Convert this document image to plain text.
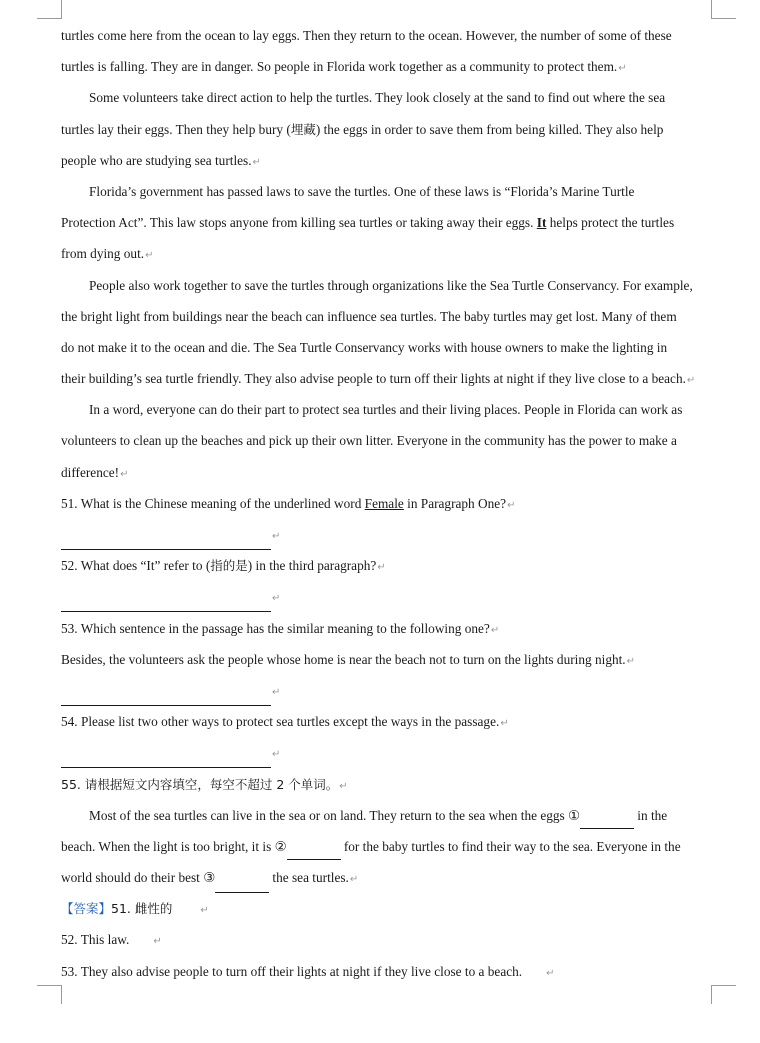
turtles come here from the ocean to lay eggs. Then they return to the ocean. However, the number of some of these
turtles is falling. They are in danger. So people in Florida work together as a community to protect them.↵
Some volunteers take direct action to help the turtles. They look closely at the sand to find out where the sea
turtles lay their eggs. Then they help bury (埋藏) the eggs in order to save them from being killed. They also help
people who are studying sea turtles.↵
Florida’s government has passed laws to save the turtles. One of these laws is “Florida’s Marine Turtle
Protection Act”. This law stops anyone from killing sea turtles or taking away their eggs. It helps protect the turtles
from dying out.↵
People also work together to save the turtles through organizations like the Sea Turtle Conservancy. For example,
the bright light from buildings near the beach can influence sea turtles. The baby turtles may get lost. Many of them
do not make it to the ocean and die. The Sea Turtle Conservancy works with house owners to make the lighting in
their building’s sea turtle friendly. They also advise people to turn off their lights at night if they live close to a beach.↵
In a word, everyone can do their part to protect sea turtles and their living places. People in Florida can work as
volunteers to clean up the beaches and pick up their own litter. Everyone in the community has the power to make a
difference!↵
51. What is the Chinese meaning of the underlined word Female in Paragraph One?↵
↵
52. What does “It” refer to (指的是) in the third paragraph?↵
↵
53. Which sentence in the passage has the similar meaning to the following one?↵
Besides, the volunteers ask the people whose home is near the beach not to turn on the lights during night.↵
↵
54. Please list two other ways to protect sea turtles except the ways in the passage.↵
↵
55. 请根据短文内容填空，每空不超过 2 个单词。↵
Most of the sea turtles can live in the sea or on land. They return to the sea when the eggs ①	in the
beach. When the light is too bright, it is ②	for the baby turtles to find their way to the sea. Everyone in the
world should do their best ③	the sea turtles.↵
【答案】51. 雌性的	↵
52. This law. ↵
53. They also advise people to turn off their lights at night if they live close to a beach. ↵
